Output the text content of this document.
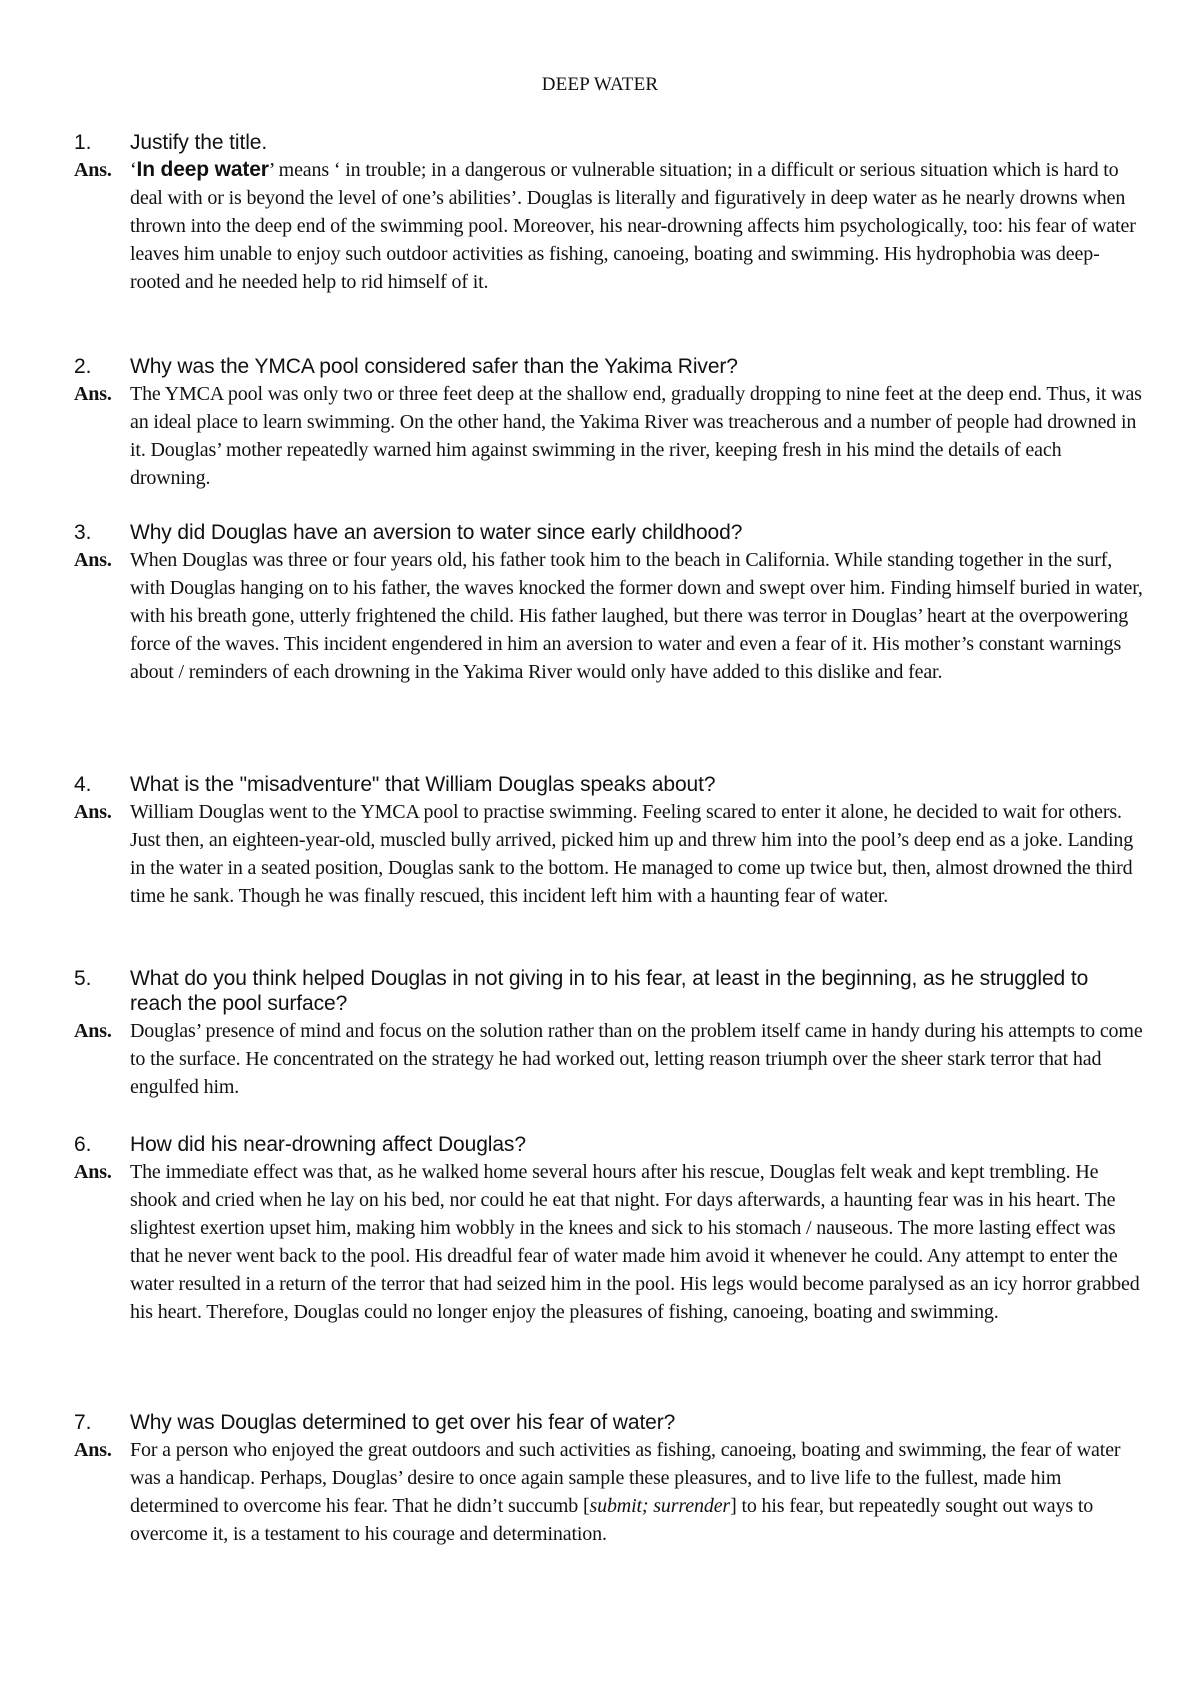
DEEP WATER
1. Justify the title.
Ans. ‘In deep water’ means ‘ in trouble; in a dangerous or vulnerable situation; in a difficult or serious situation which is hard to deal with or is beyond the level of one’s abilities’. Douglas is literally and figuratively in deep water as he nearly drowns when thrown into the deep end of the swimming pool. Moreover, his near-drowning affects him psychologically, too: his fear of water leaves him unable to enjoy such outdoor activities as fishing, canoeing, boating and swimming. His hydrophobia was deep-rooted and he needed help to rid himself of it.
2. Why was the YMCA pool considered safer than the Yakima River?
Ans. The YMCA pool was only two or three feet deep at the shallow end, gradually dropping to nine feet at the deep end. Thus, it was an ideal place to learn swimming. On the other hand, the Yakima River was treacherous and a number of people had drowned in it. Douglas’ mother repeatedly warned him against swimming in the river, keeping fresh in his mind the details of each drowning.
3. Why did Douglas have an aversion to water since early childhood?
Ans. When Douglas was three or four years old, his father took him to the beach in California. While standing together in the surf, with Douglas hanging on to his father, the waves knocked the former down and swept over him. Finding himself buried in water, with his breath gone, utterly frightened the child. His father laughed, but there was terror in Douglas’ heart at the overpowering force of the waves. This incident engendered in him an aversion to water and even a fear of it. His mother’s constant warnings about / reminders of each drowning in the Yakima River would only have added to this dislike and fear.
4. What is the "misadventure" that William Douglas speaks about?
Ans. William Douglas went to the YMCA pool to practise swimming. Feeling scared to enter it alone, he decided to wait for others. Just then, an eighteen-year-old, muscled bully arrived, picked him up and threw him into the pool’s deep end as a joke. Landing in the water in a seated position, Douglas sank to the bottom. He managed to come up twice but, then, almost drowned the third time he sank. Though he was finally rescued, this incident left him with a haunting fear of water.
5. What do you think helped Douglas in not giving in to his fear, at least in the beginning, as he struggled to reach the pool surface?
Ans. Douglas’ presence of mind and focus on the solution rather than on the problem itself came in handy during his attempts to come to the surface. He concentrated on the strategy he had worked out, letting reason triumph over the sheer stark terror that had engulfed him.
6. How did his near-drowning affect Douglas?
Ans. The immediate effect was that, as he walked home several hours after his rescue, Douglas felt weak and kept trembling. He shook and cried when he lay on his bed, nor could he eat that night. For days afterwards, a haunting fear was in his heart. The slightest exertion upset him, making him wobbly in the knees and sick to his stomach / nauseous. The more lasting effect was that he never went back to the pool. His dreadful fear of water made him avoid it whenever he could. Any attempt to enter the water resulted in a return of the terror that had seized him in the pool. His legs would become paralysed as an icy horror grabbed his heart. Therefore, Douglas could no longer enjoy the pleasures of fishing, canoeing, boating and swimming.
7. Why was Douglas determined to get over his fear of water?
Ans. For a person who enjoyed the great outdoors and such activities as fishing, canoeing, boating and swimming, the fear of water was a handicap. Perhaps, Douglas’ desire to once again sample these pleasures, and to live life to the fullest, made him determined to overcome his fear. That he didn’t succumb [submit; surrender] to his fear, but repeatedly sought out ways to overcome it, is a testament to his courage and determination.
